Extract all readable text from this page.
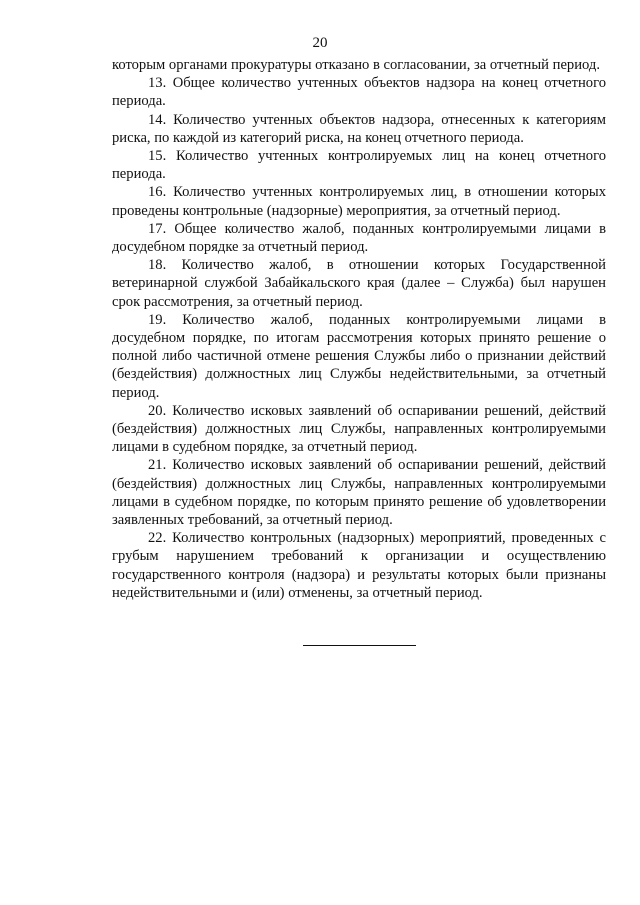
20

которым органами прокуратуры отказано в согласовании, за отчетный период.

13. Общее количество учтенных объектов надзора на конец отчетного периода.

14. Количество учтенных объектов надзора, отнесенных к категориям риска, по каждой из категорий риска, на конец отчетного периода.

15. Количество учтенных контролируемых лиц на конец отчетного периода.

16. Количество учтенных контролируемых лиц, в отношении которых проведены контрольные (надзорные) мероприятия, за отчетный период.

17. Общее количество жалоб, поданных контролируемыми лицами в досудебном порядке за отчетный период.

18. Количество жалоб, в отношении которых Государственной ветеринарной службой Забайкальского края (далее – Служба) был нарушен срок рассмотрения, за отчетный период.

19. Количество жалоб, поданных контролируемыми лицами в досудебном порядке, по итогам рассмотрения которых принято решение о полной либо частичной отмене решения Службы либо о признании действий (бездействия) должностных лиц Службы недействительными, за отчетный период.

20. Количество исковых заявлений об оспаривании решений, действий (бездействия) должностных лиц Службы, направленных контролируемыми лицами в судебном порядке, за отчетный период.

21. Количество исковых заявлений об оспаривании решений, действий (бездействия) должностных лиц Службы, направленных контролируемыми лицами в судебном порядке, по которым принято решение об удовлетворении заявленных требований, за отчетный период.

22. Количество контрольных (надзорных) мероприятий, проведенных с грубым нарушением требований к организации и осуществлению государственного контроля (надзора) и результаты которых были признаны недействительными и (или) отменены, за отчетный период.
